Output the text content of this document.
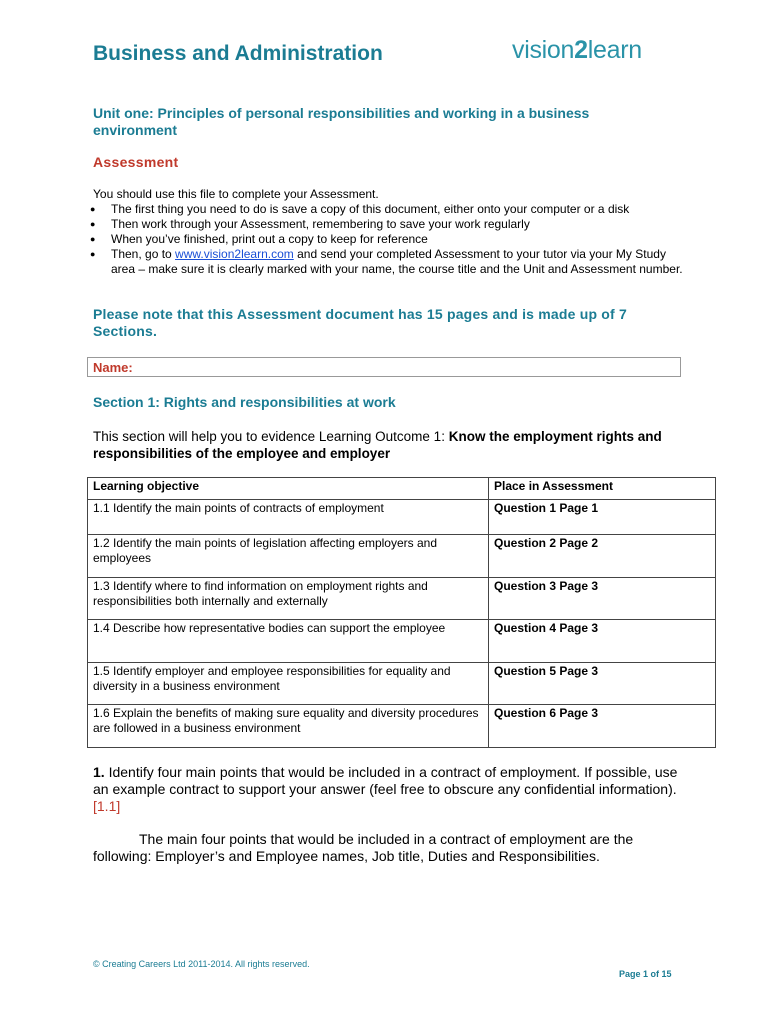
Business and Administration	vision2learn
Unit one: Principles of personal responsibilities and working in a business environment
Assessment
You should use this file to complete your Assessment.
● The first thing you need to do is save a copy of this document, either onto your computer or a disk
● Then work through your Assessment, remembering to save your work regularly
● When you’ve finished, print out a copy to keep for reference
● Then, go to www.vision2learn.com and send your completed Assessment to your tutor via your My Study area – make sure it is clearly marked with your name, the course title and the Unit and Assessment number.
Please note that this Assessment document has 15 pages and is made up of 7 Sections.
Name:
Section 1: Rights and responsibilities at work
This section will help you to evidence Learning Outcome 1: Know the employment rights and responsibilities of the employee and employer
Learning objective	Place in Assessment
1.1 Identify the main points of contracts of employment	Question 1 Page 1
1.2 Identify the main points of legislation affecting employers and employees	Question 2 Page 2
1.3 Identify where to find information on employment rights and responsibilities both internally and externally	Question 3 Page 3
1.4 Describe how representative bodies can support the employee	Question 4 Page 3
1.5 Identify employer and employee responsibilities for equality and diversity in a business environment	Question 5 Page 3
1.6 Explain the benefits of making sure equality and diversity procedures are followed in a business environment	Question 6 Page 3
1. Identify four main points that would be included in a contract of employment. If possible, use an example contract to support your answer (feel free to obscure any confidential information). [1.1]
The main four points that would be included in a contract of employment are the following: Employer’s and Employee names, Job title, Duties and Responsibilities.
© Creating Careers Ltd 2011-2014. All rights reserved.
Page 1 of 15
